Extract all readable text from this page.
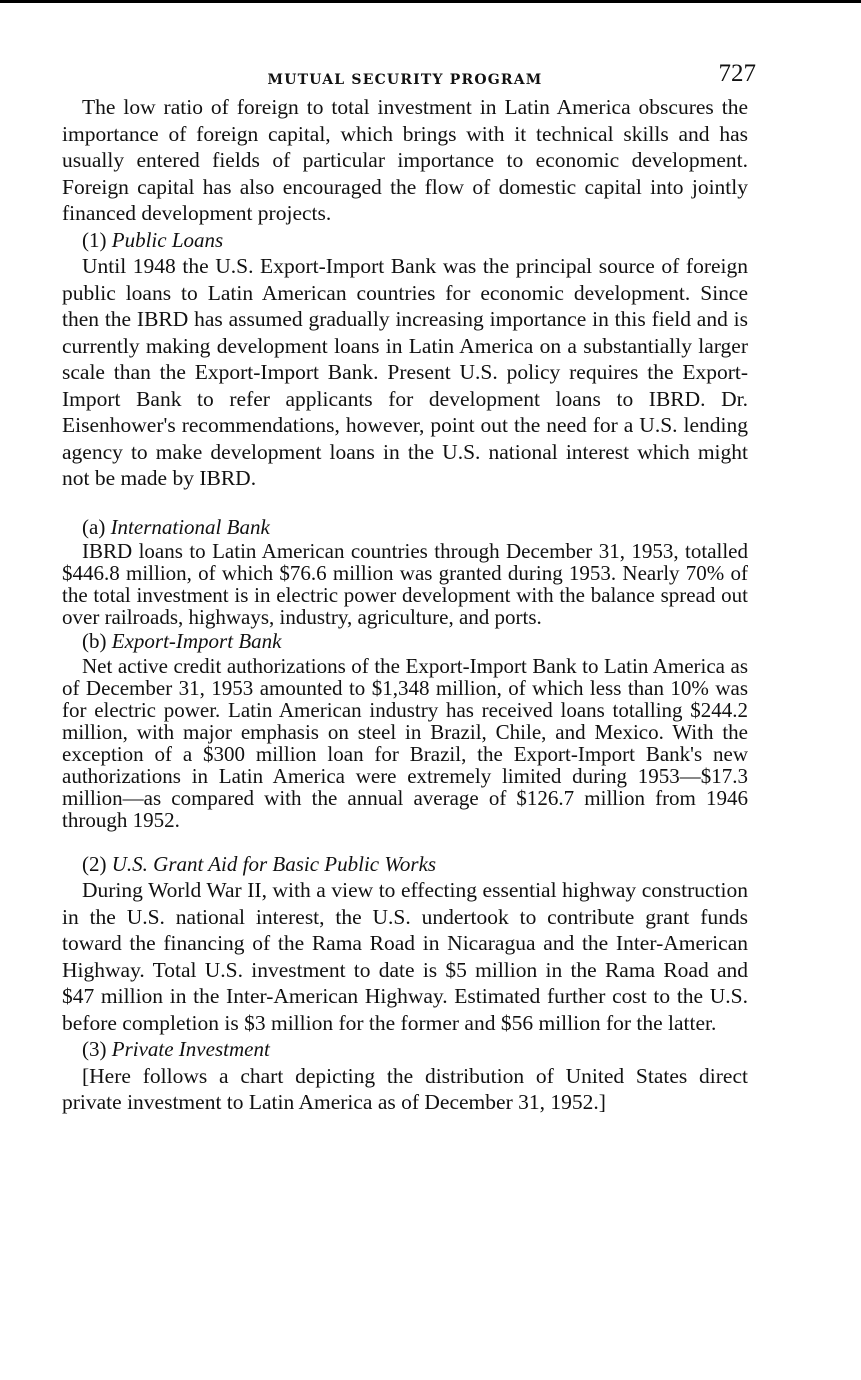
MUTUAL SECURITY PROGRAM	727

The low ratio of foreign to total investment in Latin America obscures the importance of foreign capital, which brings with it technical skills and has usually entered fields of particular importance to economic development. Foreign capital has also encouraged the flow of domestic capital into jointly financed development projects.

(1) Public Loans

Until 1948 the U.S. Export-Import Bank was the principal source of foreign public loans to Latin American countries for economic development. Since then the IBRD has assumed gradually increasing importance in this field and is currently making development loans in Latin America on a substantially larger scale than the Export-Import Bank. Present U.S. policy requires the Export-Import Bank to refer applicants for development loans to IBRD. Dr. Eisenhower's recommendations, however, point out the need for a U.S. lending agency to make development loans in the U.S. national interest which might not be made by IBRD.

(a) International Bank

IBRD loans to Latin American countries through December 31, 1953, totalled $446.8 million, of which $76.6 million was granted during 1953. Nearly 70% of the total investment is in electric power development with the balance spread out over railroads, highways, industry, agriculture, and ports.

(b) Export-Import Bank

Net active credit authorizations of the Export-Import Bank to Latin America as of December 31, 1953 amounted to $1,348 million, of which less than 10% was for electric power. Latin American industry has received loans totalling $244.2 million, with major emphasis on steel in Brazil, Chile, and Mexico. With the exception of a $300 million loan for Brazil, the Export-Import Bank's new authorizations in Latin America were extremely limited during 1953—$17.3 million—as compared with the annual average of $126.7 million from 1946 through 1952.

(2) U.S. Grant Aid for Basic Public Works

During World War II, with a view to effecting essential highway construction in the U.S. national interest, the U.S. undertook to contribute grant funds toward the financing of the Rama Road in Nicaragua and the Inter-American Highway. Total U.S. investment to date is $5 million in the Rama Road and $47 million in the Inter-American Highway. Estimated further cost to the U.S. before completion is $3 million for the former and $56 million for the latter.

(3) Private Investment

[Here follows a chart depicting the distribution of United States direct private investment to Latin America as of December 31, 1952.]
